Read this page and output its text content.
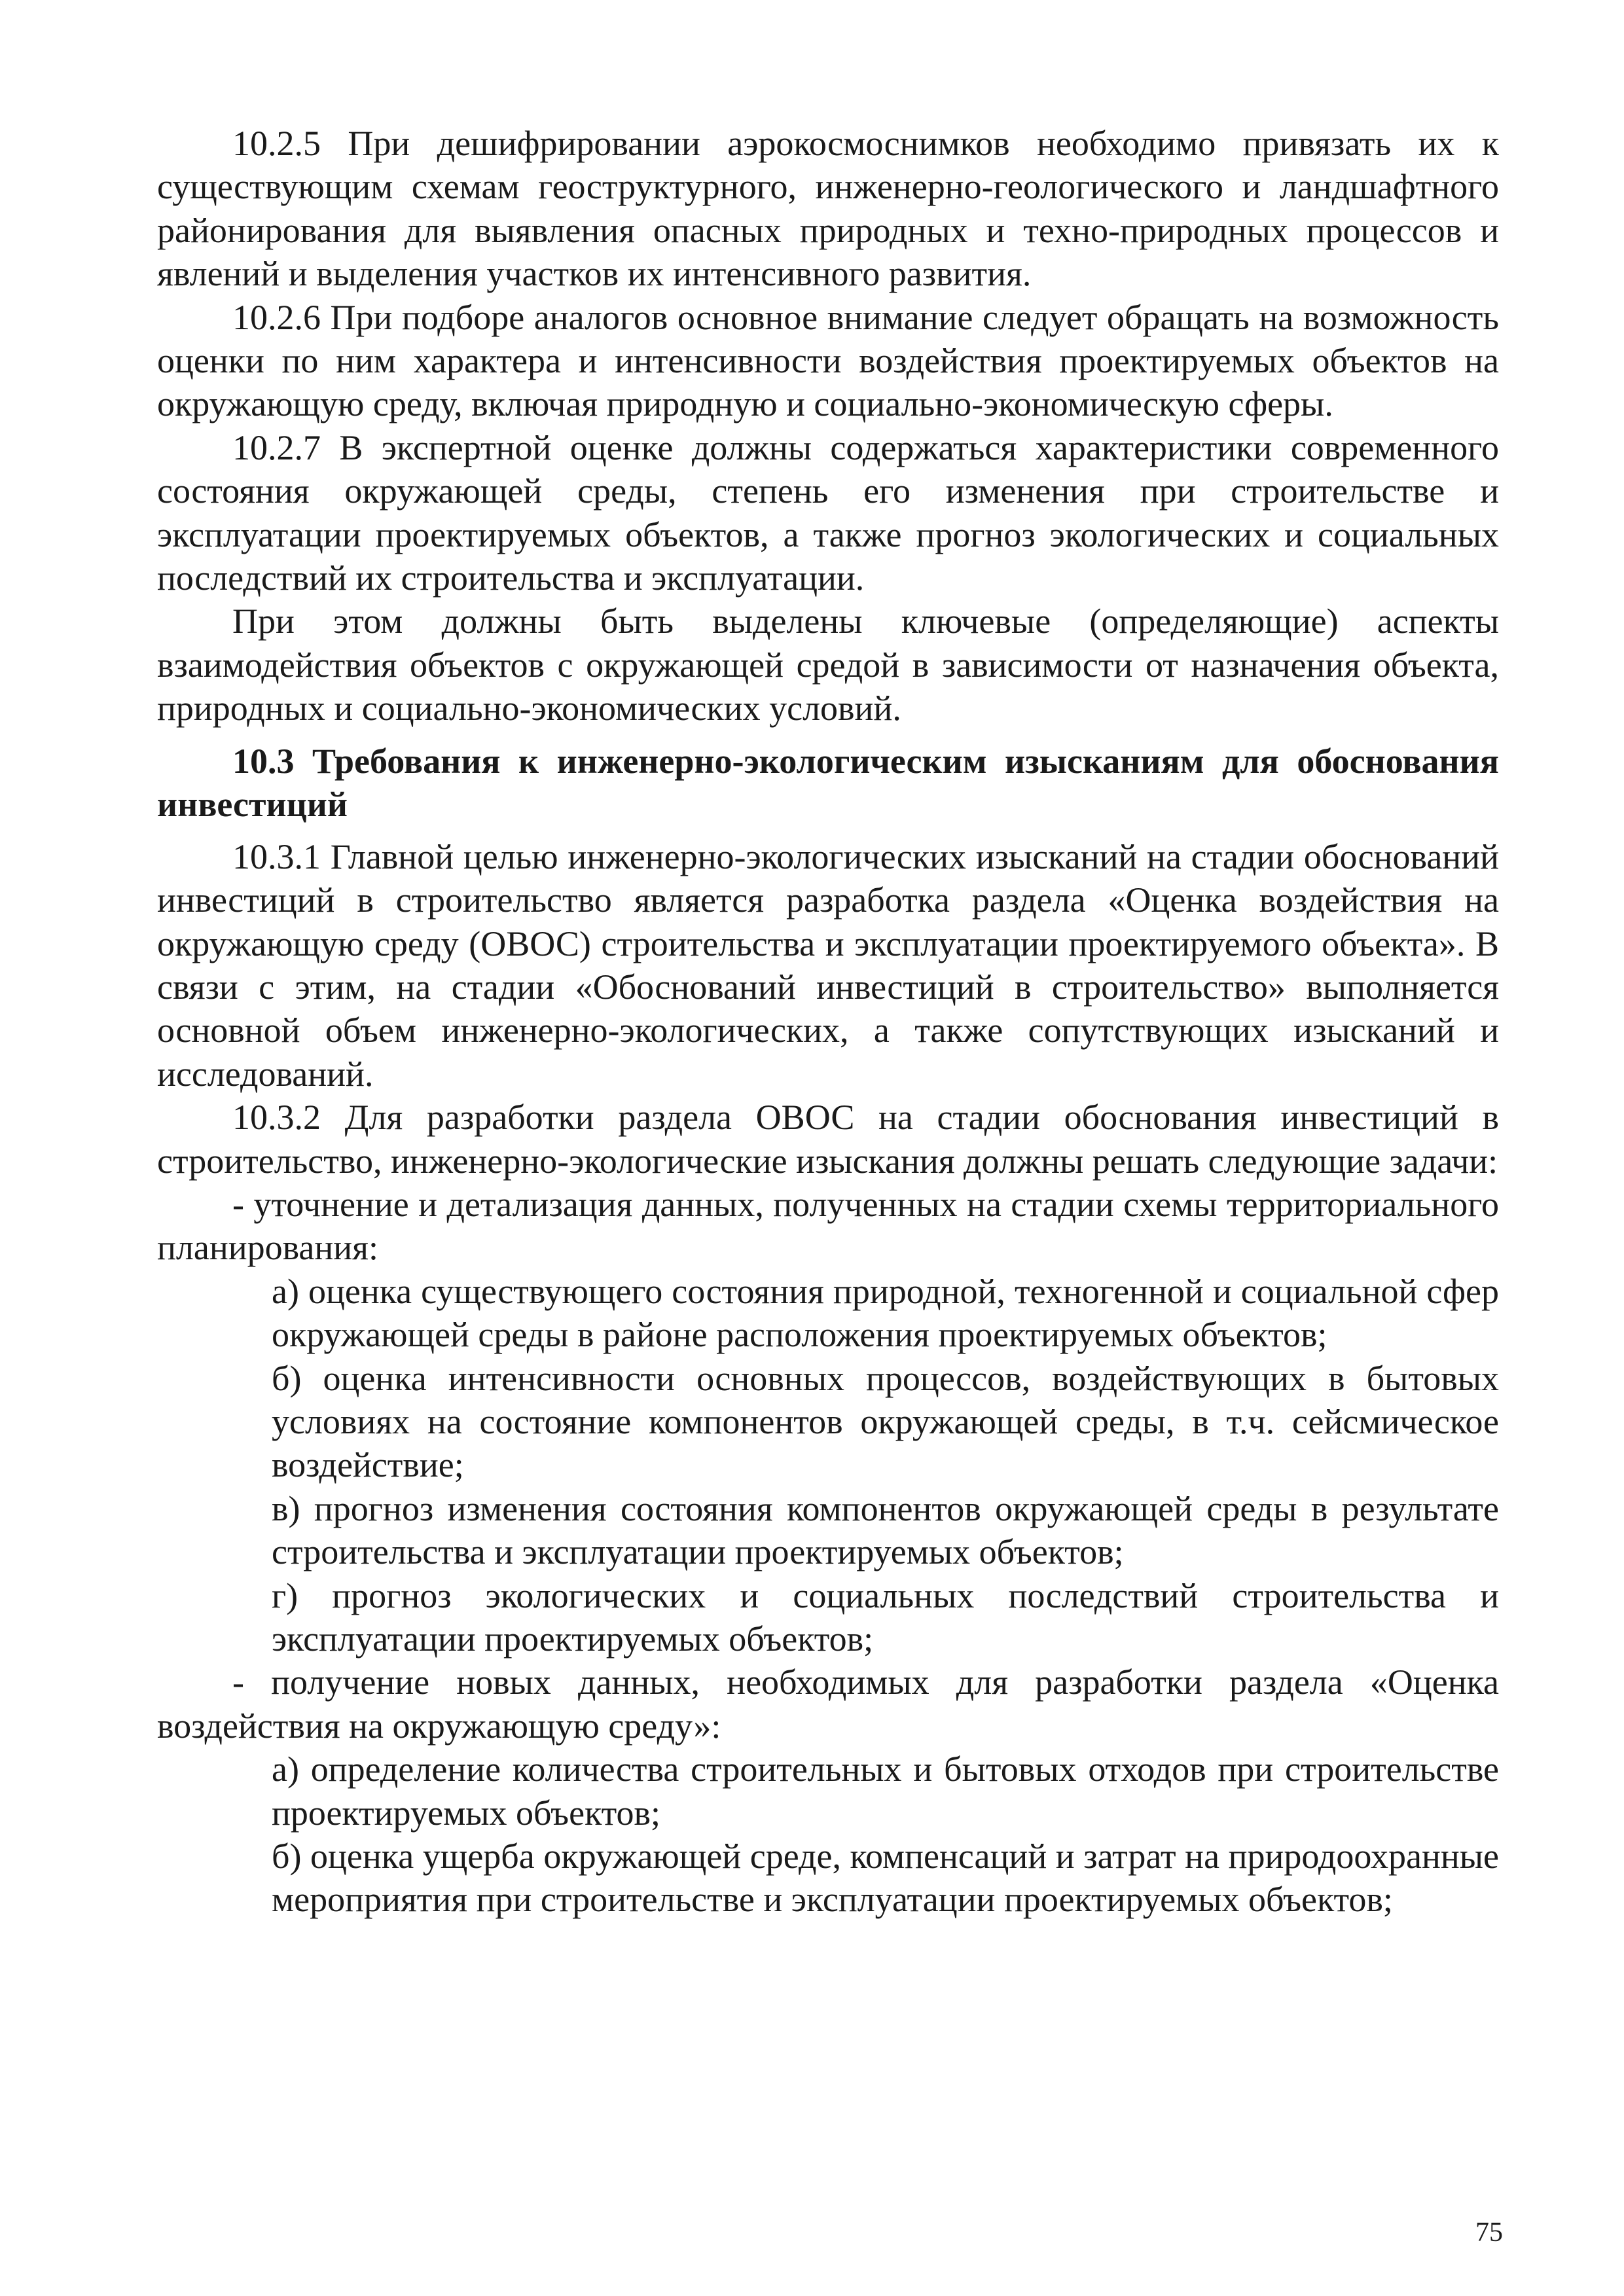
10.2.5 При дешифрировании аэрокосмоснимков необходимо привязать их к существующим схемам геоструктурного, инженерно-геологического и ландшафтного районирования для выявления опасных природных и техно-природных процессов и явлений и выделения участков их интенсивного развития.

10.2.6 При подборе аналогов основное внимание следует обращать на возможность оценки по ним характера и интенсивности воздействия проектируемых объектов на окружающую среду, включая природную и социально-экономическую сферы.

10.2.7 В экспертной оценке должны содержаться характеристики современного состояния окружающей среды, степень его изменения при строительстве и эксплуатации проектируемых объектов, а также прогноз экологических и социальных последствий их строительства и эксплуатации.

При этом должны быть выделены ключевые (определяющие) аспекты взаимодействия объектов с окружающей средой в зависимости от назначения объекта, природных и социально-экономических условий.

10.3 Требования к инженерно-экологическим изысканиям для обоснования инвестиций

10.3.1 Главной целью инженерно-экологических изысканий на стадии обоснований инвестиций в строительство является разработка раздела «Оценка воздействия на окружающую среду (ОВОС) строительства и эксплуатации проектируемого объекта». В связи с этим, на стадии «Обоснований инвестиций в строительство» выполняется основной объем инженерно-экологических, а также сопутствующих изысканий и исследований.

10.3.2 Для разработки раздела ОВОС на стадии обоснования инвестиций в строительство, инженерно-экологические изыскания должны решать следующие задачи:

- уточнение и детализация данных, полученных на стадии схемы территориального планирования:

а) оценка существующего состояния природной, техногенной и социальной сфер окружающей среды в районе расположения проектируемых объектов;

б) оценка интенсивности основных процессов, воздействующих в бытовых условиях на состояние компонентов окружающей среды, в т.ч. сейсмическое воздействие;

в) прогноз изменения состояния компонентов окружающей среды в результате строительства и эксплуатации проектируемых объектов;

г) прогноз экологических и социальных последствий строительства и эксплуатации проектируемых объектов;

- получение новых данных, необходимых для разработки раздела «Оценка воздействия на окружающую среду»:

а) определение количества строительных и бытовых отходов при строительстве проектируемых объектов;

б) оценка ущерба окружающей среде, компенсаций и затрат на природоохранные мероприятия при строительстве и эксплуатации проектируемых объектов;

75
